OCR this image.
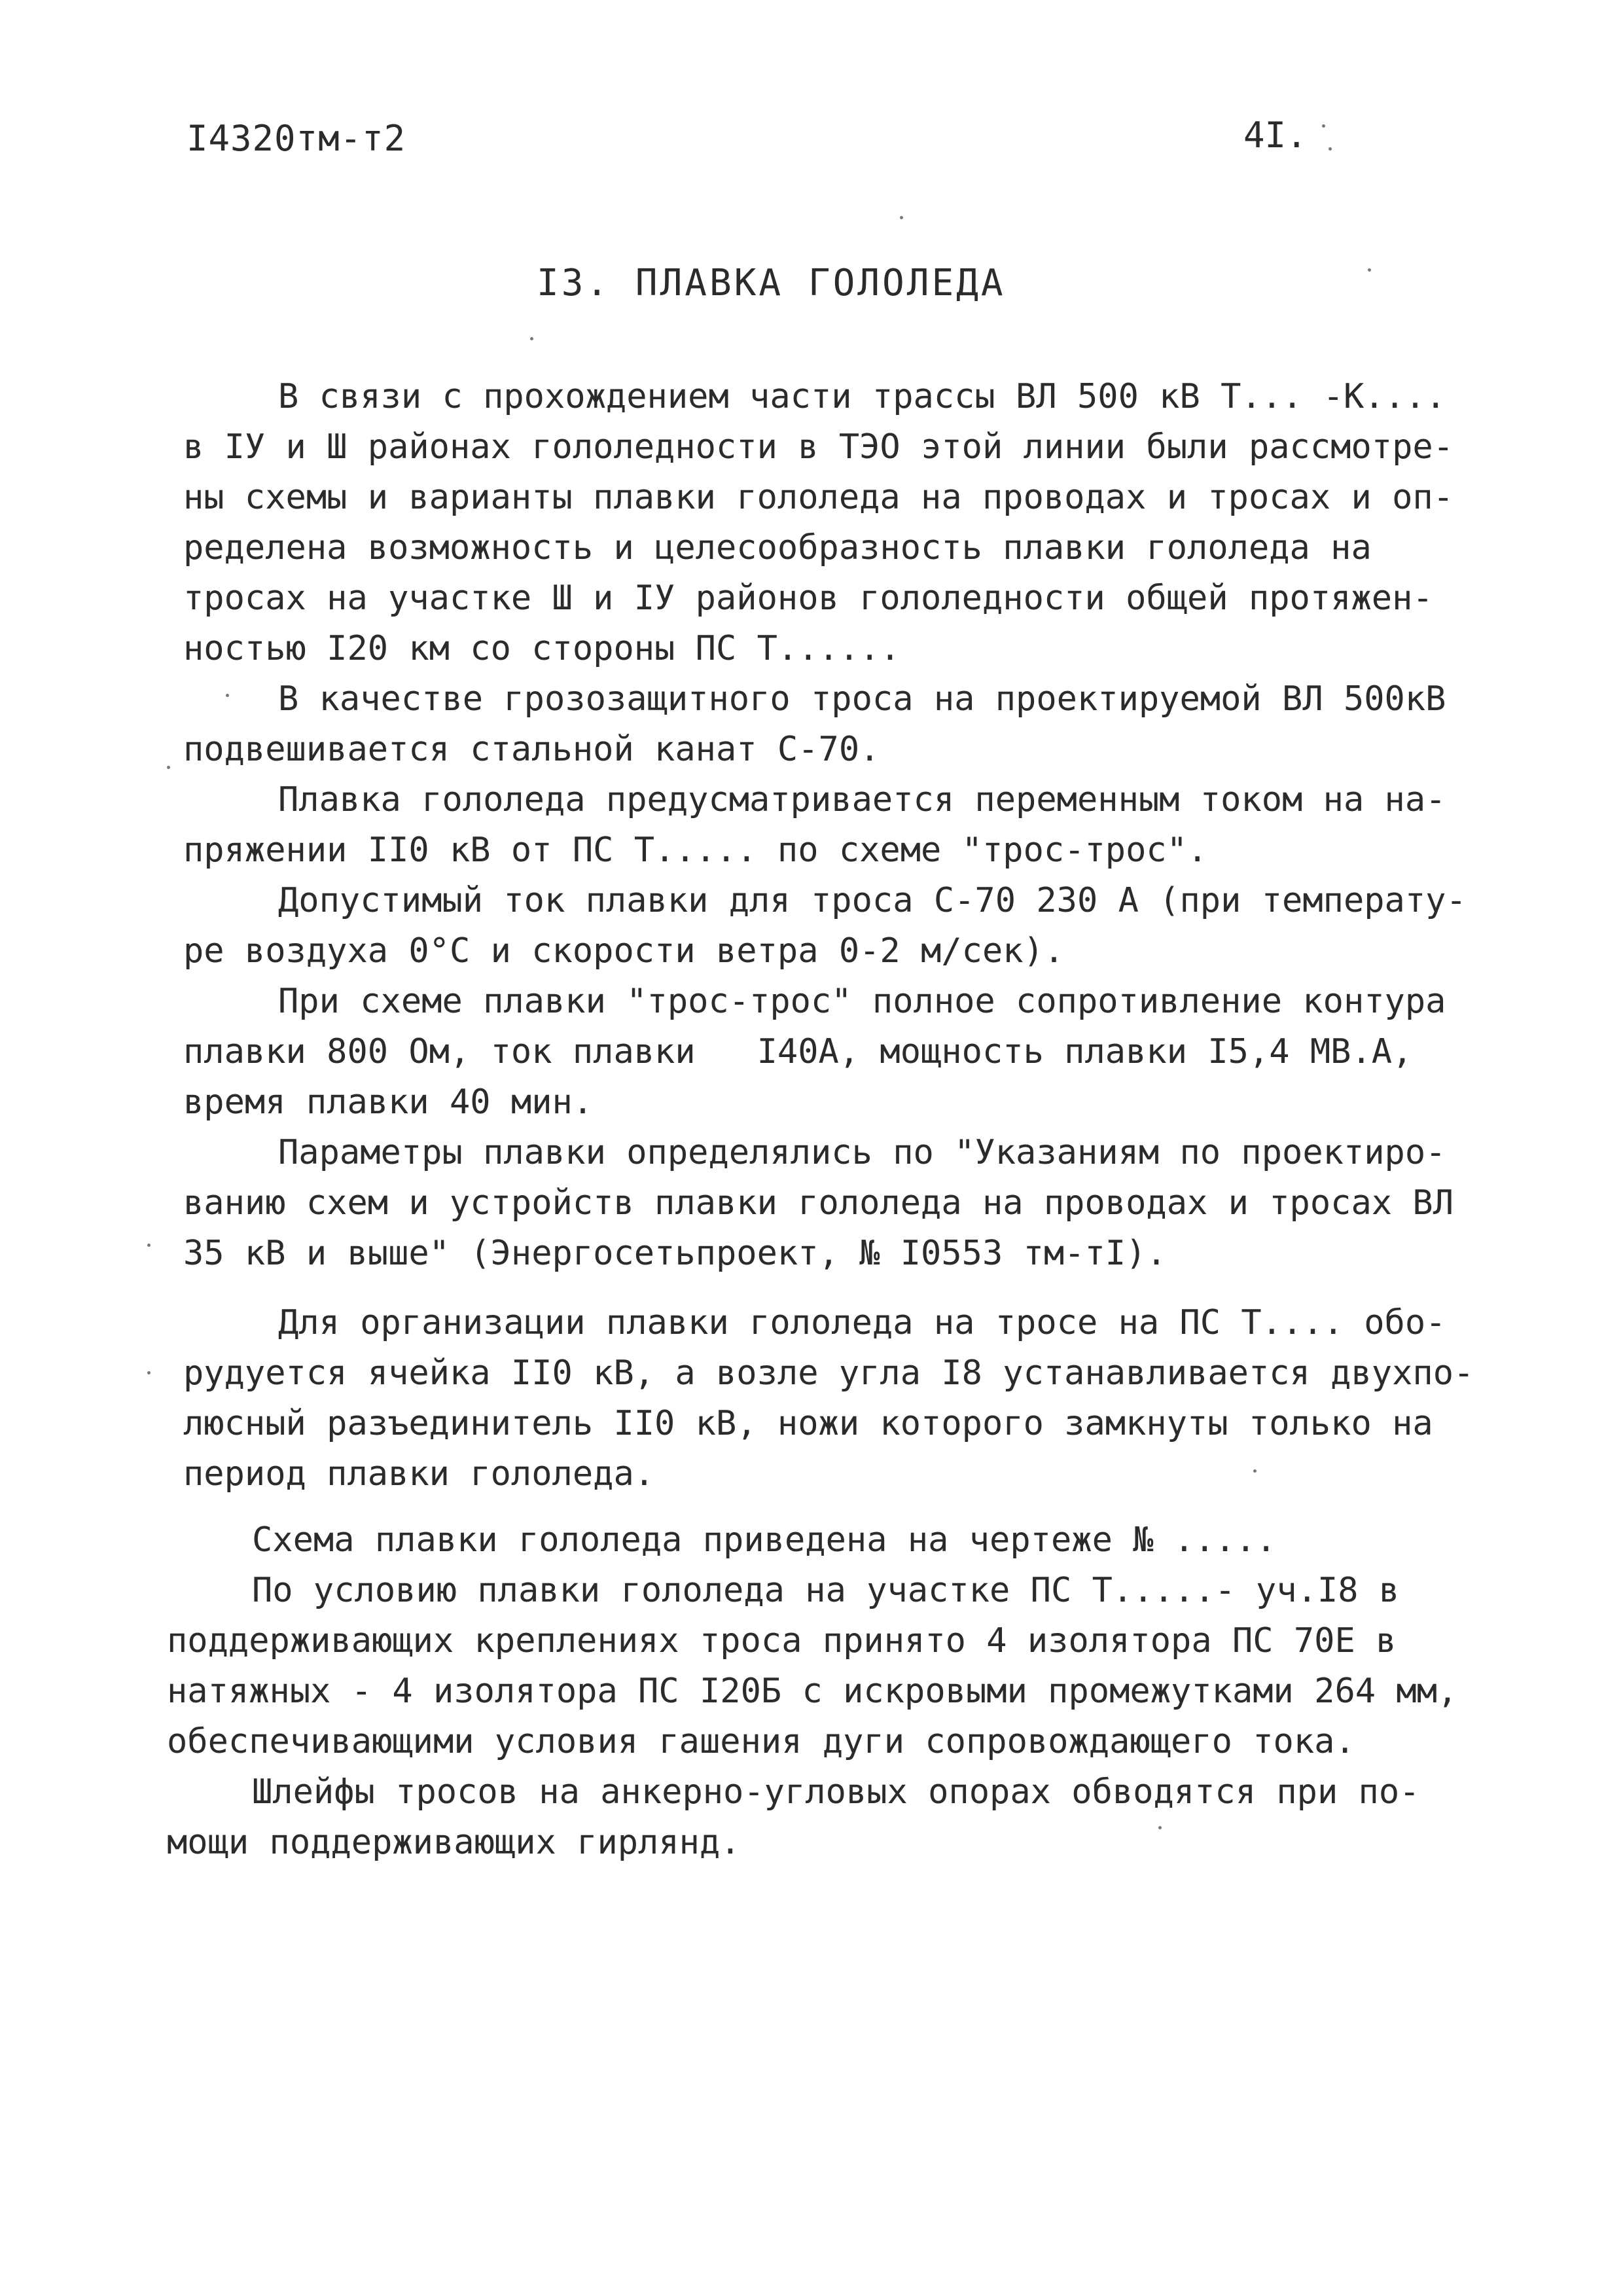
I4320тм-т2	4I.
I3. ПЛАВКА ГОЛОЛЕДА
В связи с прохождением части трассы ВЛ 500 кВ Т... -К....
в IУ и Ш районах гололедности в ТЭО этой линии были рассмотре-
ны схемы и варианты плавки гололеда на проводах и тросах и оп-
ределена возможность и целесообразность плавки гололеда на
тросах на участке Ш и IУ районов гололедности общей протяжен-
ностью I20 км со стороны ПС Т......
В качестве грозозащитного троса на проектируемой ВЛ 500кВ
подвешивается стальной канат С-70.
Плавка гололеда предусматривается переменным током на на-
пряжении II0 кВ от ПС Т..... по схеме "трос-трос".
Допустимый ток плавки для троса С-70 230 А (при температу-
ре воздуха 0°С и скорости ветра 0-2 м/сек).
При схеме плавки "трос-трос" полное сопротивление контура
плавки 800 Ом, ток плавки   I40А, мощность плавки I5,4 МВ.А,
время плавки 40 мин.
Параметры плавки определялись по "Указаниям по проектиро-
ванию схем и устройств плавки гололеда на проводах и тросах ВЛ
35 кВ и выше" (Энергосетьпроект, № I0553 тм-тI).
Для организации плавки гололеда на тросе на ПС Т.... обо-
рудуется ячейка II0 кВ, а возле угла I8 устанавливается двухпо-
люсный разъединитель II0 кВ, ножи которого замкнуты только на
период плавки гололеда.
Схема плавки гололеда приведена на чертеже № .....
По условию плавки гололеда на участке ПС Т.....- уч.I8 в
поддерживающих креплениях троса принято 4 изолятора ПС 70Е в
натяжных - 4 изолятора ПС I20Б с искровыми промежутками 264 мм,
обеспечивающими условия гашения дуги сопровождающего тока.
Шлейфы тросов на анкерно-угловых опорах обводятся при по-
мощи поддерживающих гирлянд.
